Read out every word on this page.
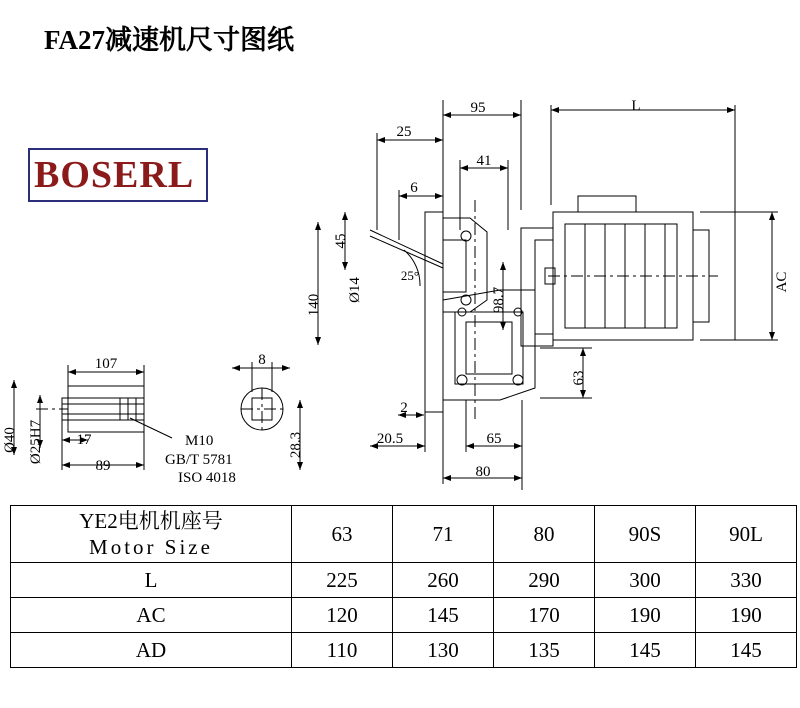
FA27减速机尺寸图纸
BOSERL
95	L
25
41
6
45
140
Ø14
25°
98.7
AC
63
2
20.5	65
80
107	8
17
89
Ø40 Ø25H7	28.3
M10
GB/T 5781
ISO 4018
YE2电机机座号
Motor Size	63	71	80	90S	90L
L	225	260	290	300	330
AC	120	145	170	190	190
AD	110	130	135	145	145
